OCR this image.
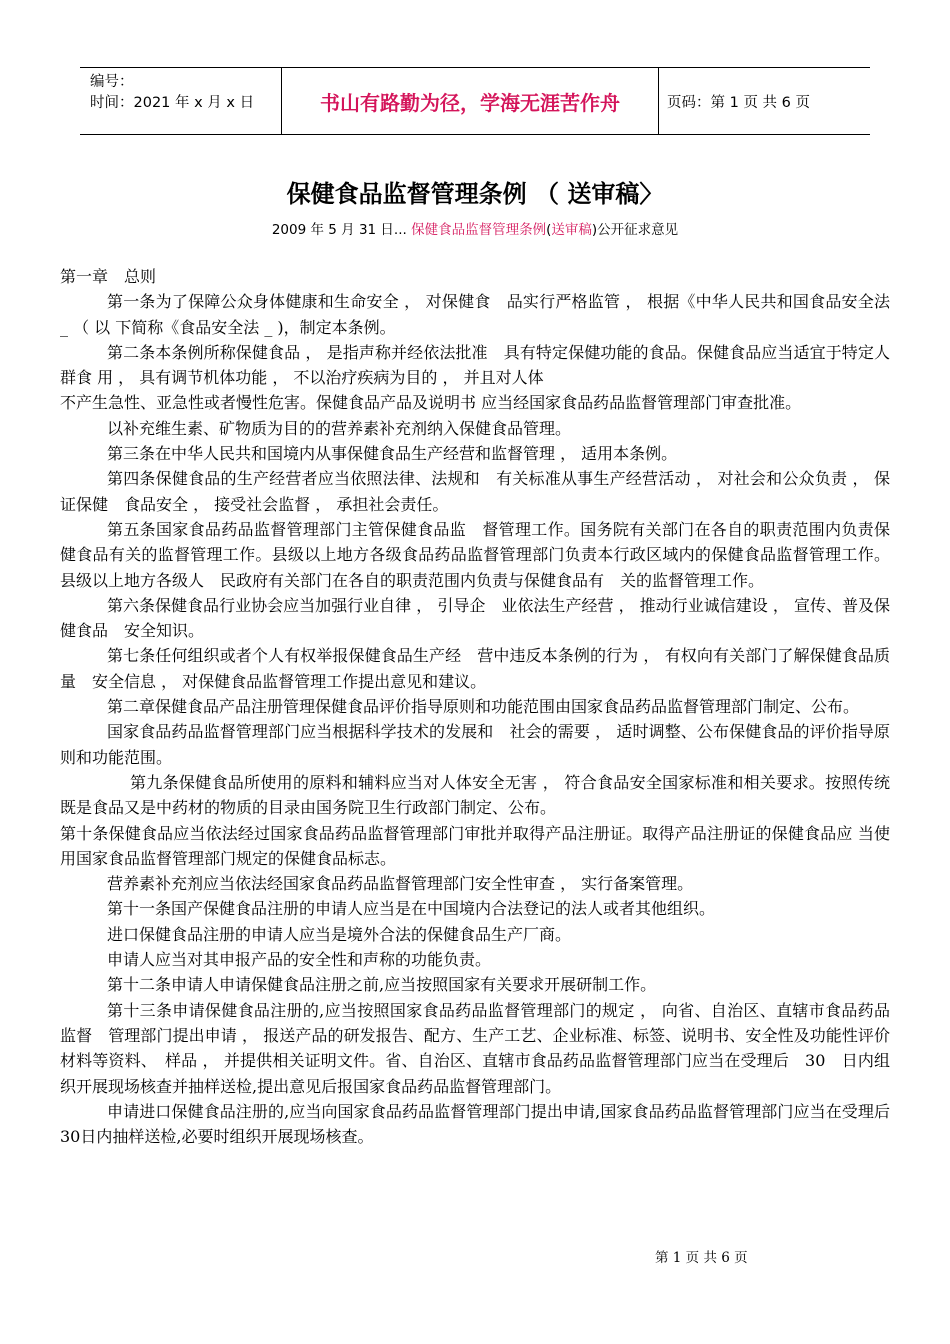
编号：
时间：2021 年 x 月 x 日	书山有路勤为径，学海无涯苦作舟	页码：第 1 页 共 6 页
保健食品监督管理条例 （ 送审稿〉
2009 年 5 月 31 日... 保健食品监督管理条例(送审稿)公开征求意见

第一章　总则

第一条为了保障公众身体健康和生命安全 ， 对保健食　品实行严格监管 ， 根据《中华人民共和国食品安全法 _ （ 以 下简称《食品安全法 _ )，制定本条例。

第二条本条例所称保健食品 ， 是指声称并经依法批准　具有特定保健功能的食品。保健食品应当适宜于特定人群食 用 ， 具有调节机体功能 ， 不以治疗疾病为目的 ， 并且对人体

不产生急性、亚急性或者慢性危害。保健食品产品及说明书 应当经国家食品药品监督管理部门审查批准。

以补充维生素、矿物质为目的的营养素补充剂纳入保健食品管理。

第三条在中华人民共和国境内从事保健食品生产经营和监督管理 ， 适用本条例。

第四条保健食品的生产经营者应当依照法律、法规和　有关标准从事生产经营活动 ， 对社会和公众负责 ， 保证保健　食品安全 ， 接受社会监督 ， 承担社会责任。

第五条国家食品药品监督管理部门主管保健食品监　督管理工作。国务院有关部门在各自的职责范围内负责保　健食品有关的监督管理工作。县级以上地方各级食品药品监督管理部门负责本行政区域内的保健食品监督管理工作。县级以上地方各级人　民政府有关部门在各自的职责范围内负责与保健食品有　关的监督管理工作。

第六条保健食品行业协会应当加强行业自律 ， 引导企　业依法生产经营 ， 推动行业诚信建设 ， 宣传、普及保健食品　安全知识。

第七条任何组织或者个人有权举报保健食品生产经　营中违反本条例的行为 ， 有权向有关部门了解保健食品质量　安全信息 ， 对保健食品监督管理工作提出意见和建议。

第二章保健食品产品注册管理保健食品评价指导原则和功能范围由国家食品药品监督管理部门制定、公布。

国家食品药品监督管理部门应当根据科学技术的发展和　社会的需要 ， 适时调整、公布保健食品的评价指导原则和功能范围。

第九条保健食品所使用的原料和辅料应当对人体安全无害 ， 符合食品安全国家标准和相关要求。按照传统既是食品又是中药材的物质的目录由国务院卫生行政部门制定、公布。

第十条保健食品应当依法经过国家食品药品监督管理部门审批并取得产品注册证。取得产品注册证的保健食品应 当使用国家食品监督管理部门规定的保健食品标志。

营养素补充剂应当依法经国家食品药品监督管理部门安全性审查 ， 实行备案管理。

第十一条国产保健食品注册的申请人应当是在中国境内合法登记的法人或者其他组织。

进口保健食品注册的申请人应当是境外合法的保健食品生产厂商。

申请人应当对其申报产品的安全性和声称的功能负责。

第十二条申请人申请保健食品注册之前,应当按照国家有关要求开展研制工作。

第十三条申请保健食品注册的,应当按照国家食品药品监督管理部门的规定 ， 向省、自治区、直辖市食品药品监督　管理部门提出申请 ， 报送产品的研发报告、配方、生产工艺、企业标准、标签、说明书、安全性及功能性评价材料等资料、　样品 ， 并提供相关证明文件。省、自治区、直辖市食品药品监督管理部门应当在受理后　30　日内组织开展现场核查并抽样送检,提出意见后报国家食品药品监督管理部门。

申请进口保健食品注册的,应当向国家食品药品监督管理部门提出申请,国家食品药品监督管理部门应当在受理后30日内抽样送检,必要时组织开展现场核查。

第 1 页 共 6 页
